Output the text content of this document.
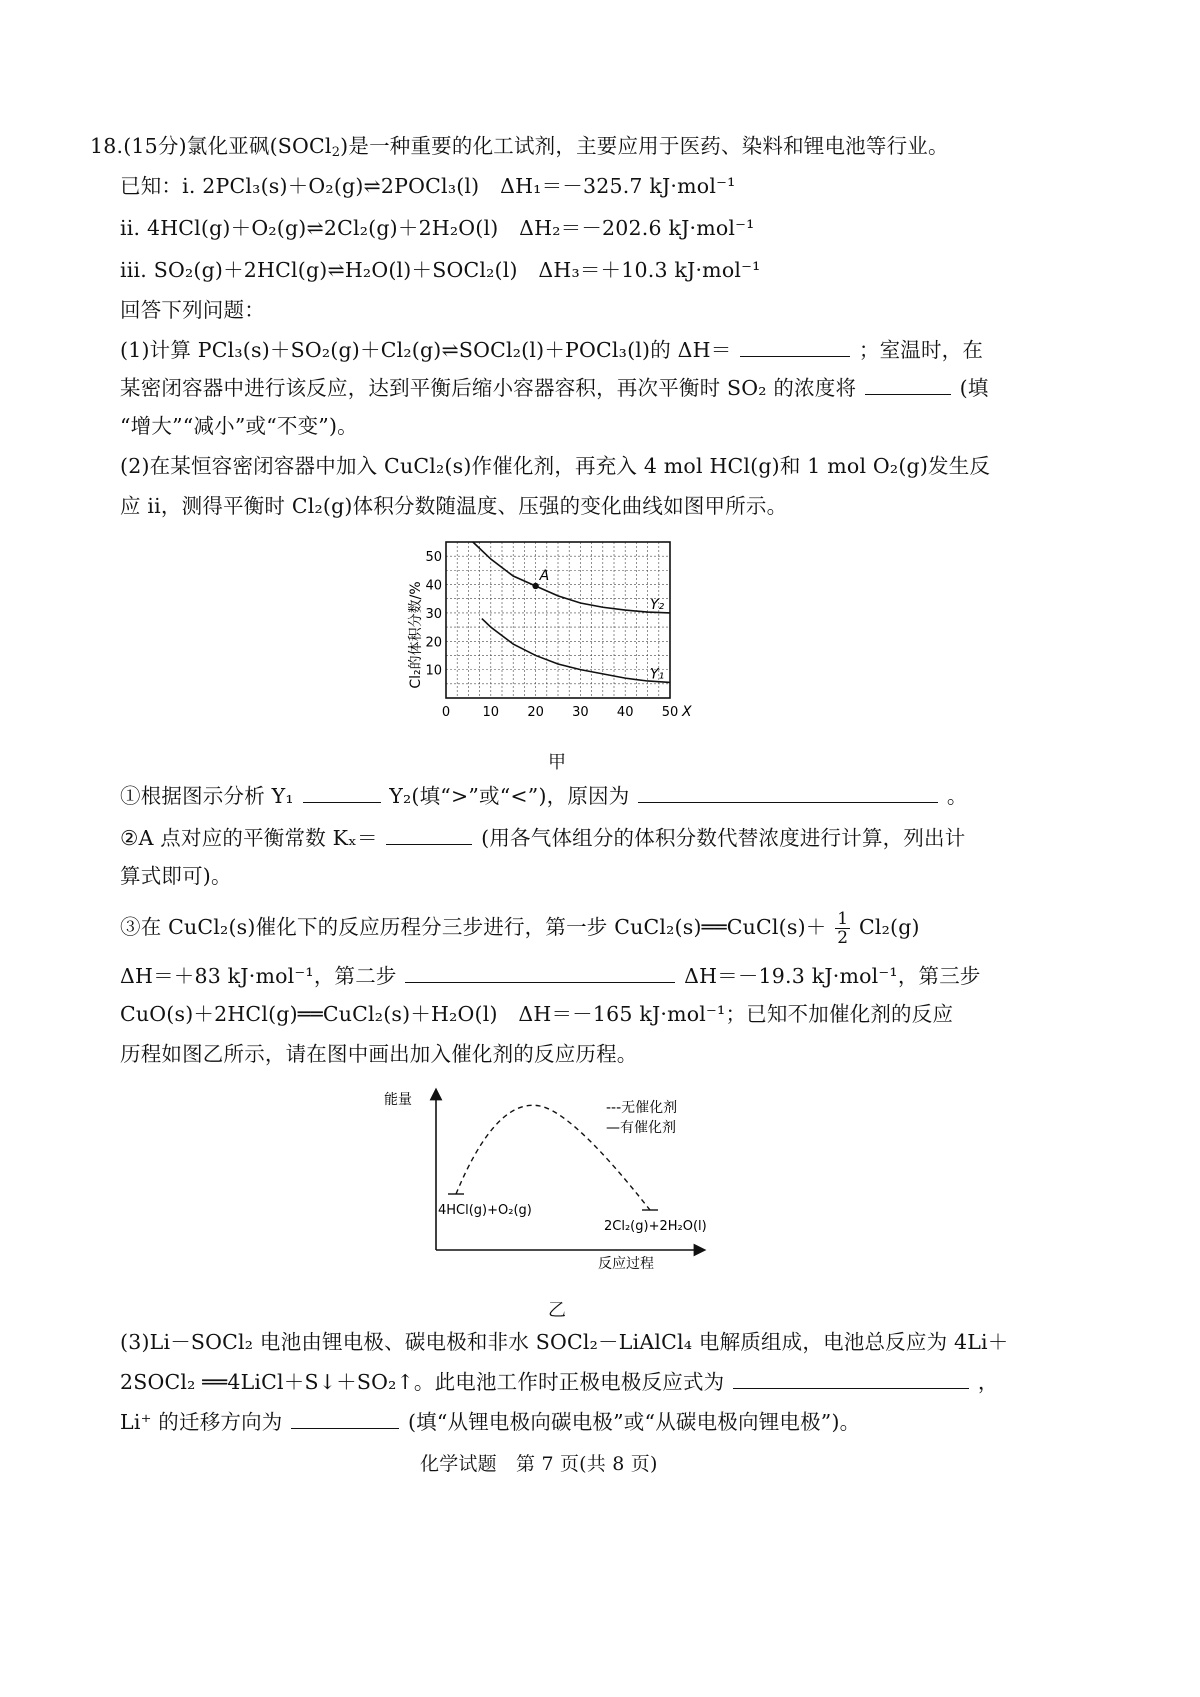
18.(15分)氯化亚砜(SOCl$_2$)是一种重要的化工试剂，主要应用于医药、染料和锂电池等行业。
已知：i. 2PCl₃(s)＋O₂(g)⇌2POCl₃(l)　ΔH₁＝－325.7 kJ·mol⁻¹
ii. 4HCl(g)＋O₂(g)⇌2Cl₂(g)＋2H₂O(l)　ΔH₂＝－202.6 kJ·mol⁻¹
iii. SO₂(g)＋2HCl(g)⇌H₂O(l)＋SOCl₂(l)　ΔH₃＝＋10.3 kJ·mol⁻¹
回答下列问题：
(1)计算 PCl₃(s)＋SO₂(g)＋Cl₂(g)⇌SOCl₂(l)＋POCl₃(l)的 ΔH＝	；室温时，在
某密闭容器中进行该反应，达到平衡后缩小容器容积，再次平衡时 SO₂ 的浓度将	(填
“增大”“减小”或“不变”)。
(2)在某恒容密闭容器中加入 CuCl₂(s)作催化剂，再充入 4 mol HCl(g)和 1 mol O₂(g)发生反
应 ii，测得平衡时 Cl₂(g)体积分数随温度、压强的变化曲线如图甲所示。
0 10 20 30 40 50 X
10
20
30
40
50
Y₂
Y₁
A
Cl₂的体积分数/%
甲
①根据图示分析 Y₁	Y₂(填“>”或“<”)，原因为	。
②A 点对应的平衡常数 Kₓ＝	(用各气体组分的体积分数代替浓度进行计算，列出计
算式即可)。
③在 CuCl₂(s)催化下的反应历程分三步进行，第一步 CuCl₂(s)══CuCl(s)＋ $\frac{1}{2} Cl_2(g)$
ΔH＝＋83 kJ·mol⁻¹，第二步	ΔH＝－19.3 kJ·mol⁻¹，第三步
CuO(s)＋2HCl(g)══CuCl₂(s)＋H₂O(l)　ΔH＝－165 kJ·mol⁻¹；已知不加催化剂的反应
历程如图乙所示，请在图中画出加入催化剂的反应历程。
能量
反应过程
---无催化剂
—有催化剂
4HCl(g)+O₂(g)
2Cl₂(g)+2H₂O(l)
乙
(3)Li－SOCl₂ 电池由锂电极、碳电极和非水 SOCl₂－LiAlCl₄ 电解质组成，电池总反应为 4Li＋
2SOCl₂ ══4LiCl＋S↓＋SO₂↑。此电池工作时正极电极反应式为	，
Li⁺ 的迁移方向为	(填“从锂电极向碳电极”或“从碳电极向锂电极”)。
化学试题　第 7 页(共 8 页)
